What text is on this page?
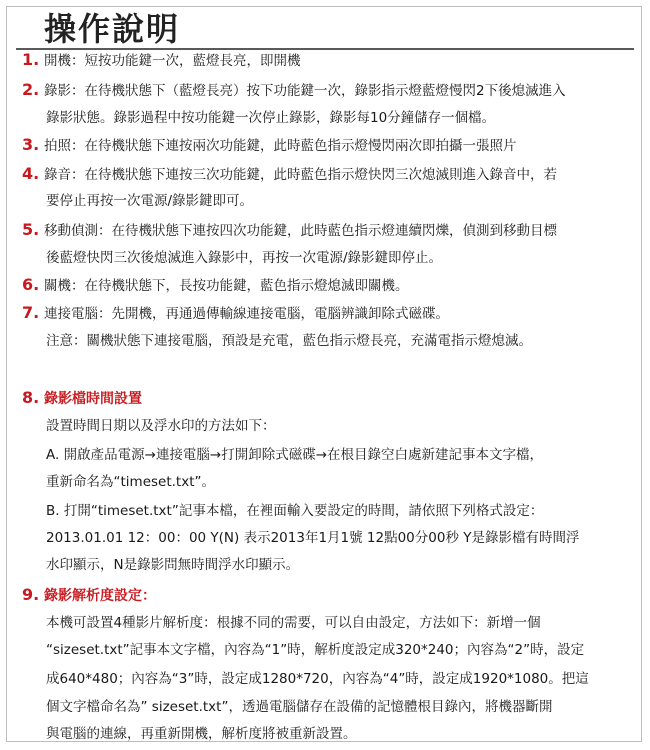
操作說明
1. 開機：短按功能鍵一次，藍燈長亮，即開機
2. 錄影：在待機狀態下（藍燈長亮）按下功能鍵一次，錄影指示燈藍燈慢閃2下後熄滅進入
錄影狀態。錄影過程中按功能鍵一次停止錄影，錄影每10分鐘儲存一個檔。
3. 拍照：在待機狀態下連按兩次功能鍵，此時藍色指示燈慢閃兩次即拍攝一張照片
4. 錄音：在待機狀態下連按三次功能鍵，此時藍色指示燈快閃三次熄滅則進入錄音中，若
要停止再按一次電源/錄影鍵即可。
5. 移動偵測：在待機狀態下連按四次功能鍵，此時藍色指示燈連續閃爍，偵測到移動目標
後藍燈快閃三次後熄滅進入錄影中，再按一次電源/錄影鍵即停止。
6. 關機：在待機狀態下，長按功能鍵，藍色指示燈熄滅即關機。
7. 連接電腦：先開機，再通過傳輸線連接電腦，電腦辨識卸除式磁碟。
注意：關機狀態下連接電腦，預設是充電，藍色指示燈長亮，充滿電指示燈熄滅。
8. 錄影檔時間設置
設置時間日期以及浮水印的方法如下：
A. 開啟產品電源→連接電腦→打開卸除式磁碟→在根目錄空白處新建記事本文字檔，
重新命名為“timeset.txt”。
B. 打開“timeset.txt”記事本檔，在裡面輸入要設定的時間，請依照下列格式設定：
2013.01.01 12：00：00 Y(N) 表示2013年1月1號 12點00分00秒 Y是錄影檔有時間浮
水印顯示，N是錄影問無時間浮水印顯示。
9. 錄影解析度設定：
本機可設置4種影片解析度：根據不同的需要，可以自由設定，方法如下：新增一個
“sizeset.txt”記事本文字檔，內容為“1”時，解析度設定成320*240；內容為“2”時，設定
成640*480；內容為“3”時，設定成1280*720，內容為“4”時，設定成1920*1080。把這
個文字檔命名為” sizeset.txt”，透過電腦儲存在設備的記憶體根目錄內，將機器斷開
與電腦的連線，再重新開機，解析度將被重新設置。
